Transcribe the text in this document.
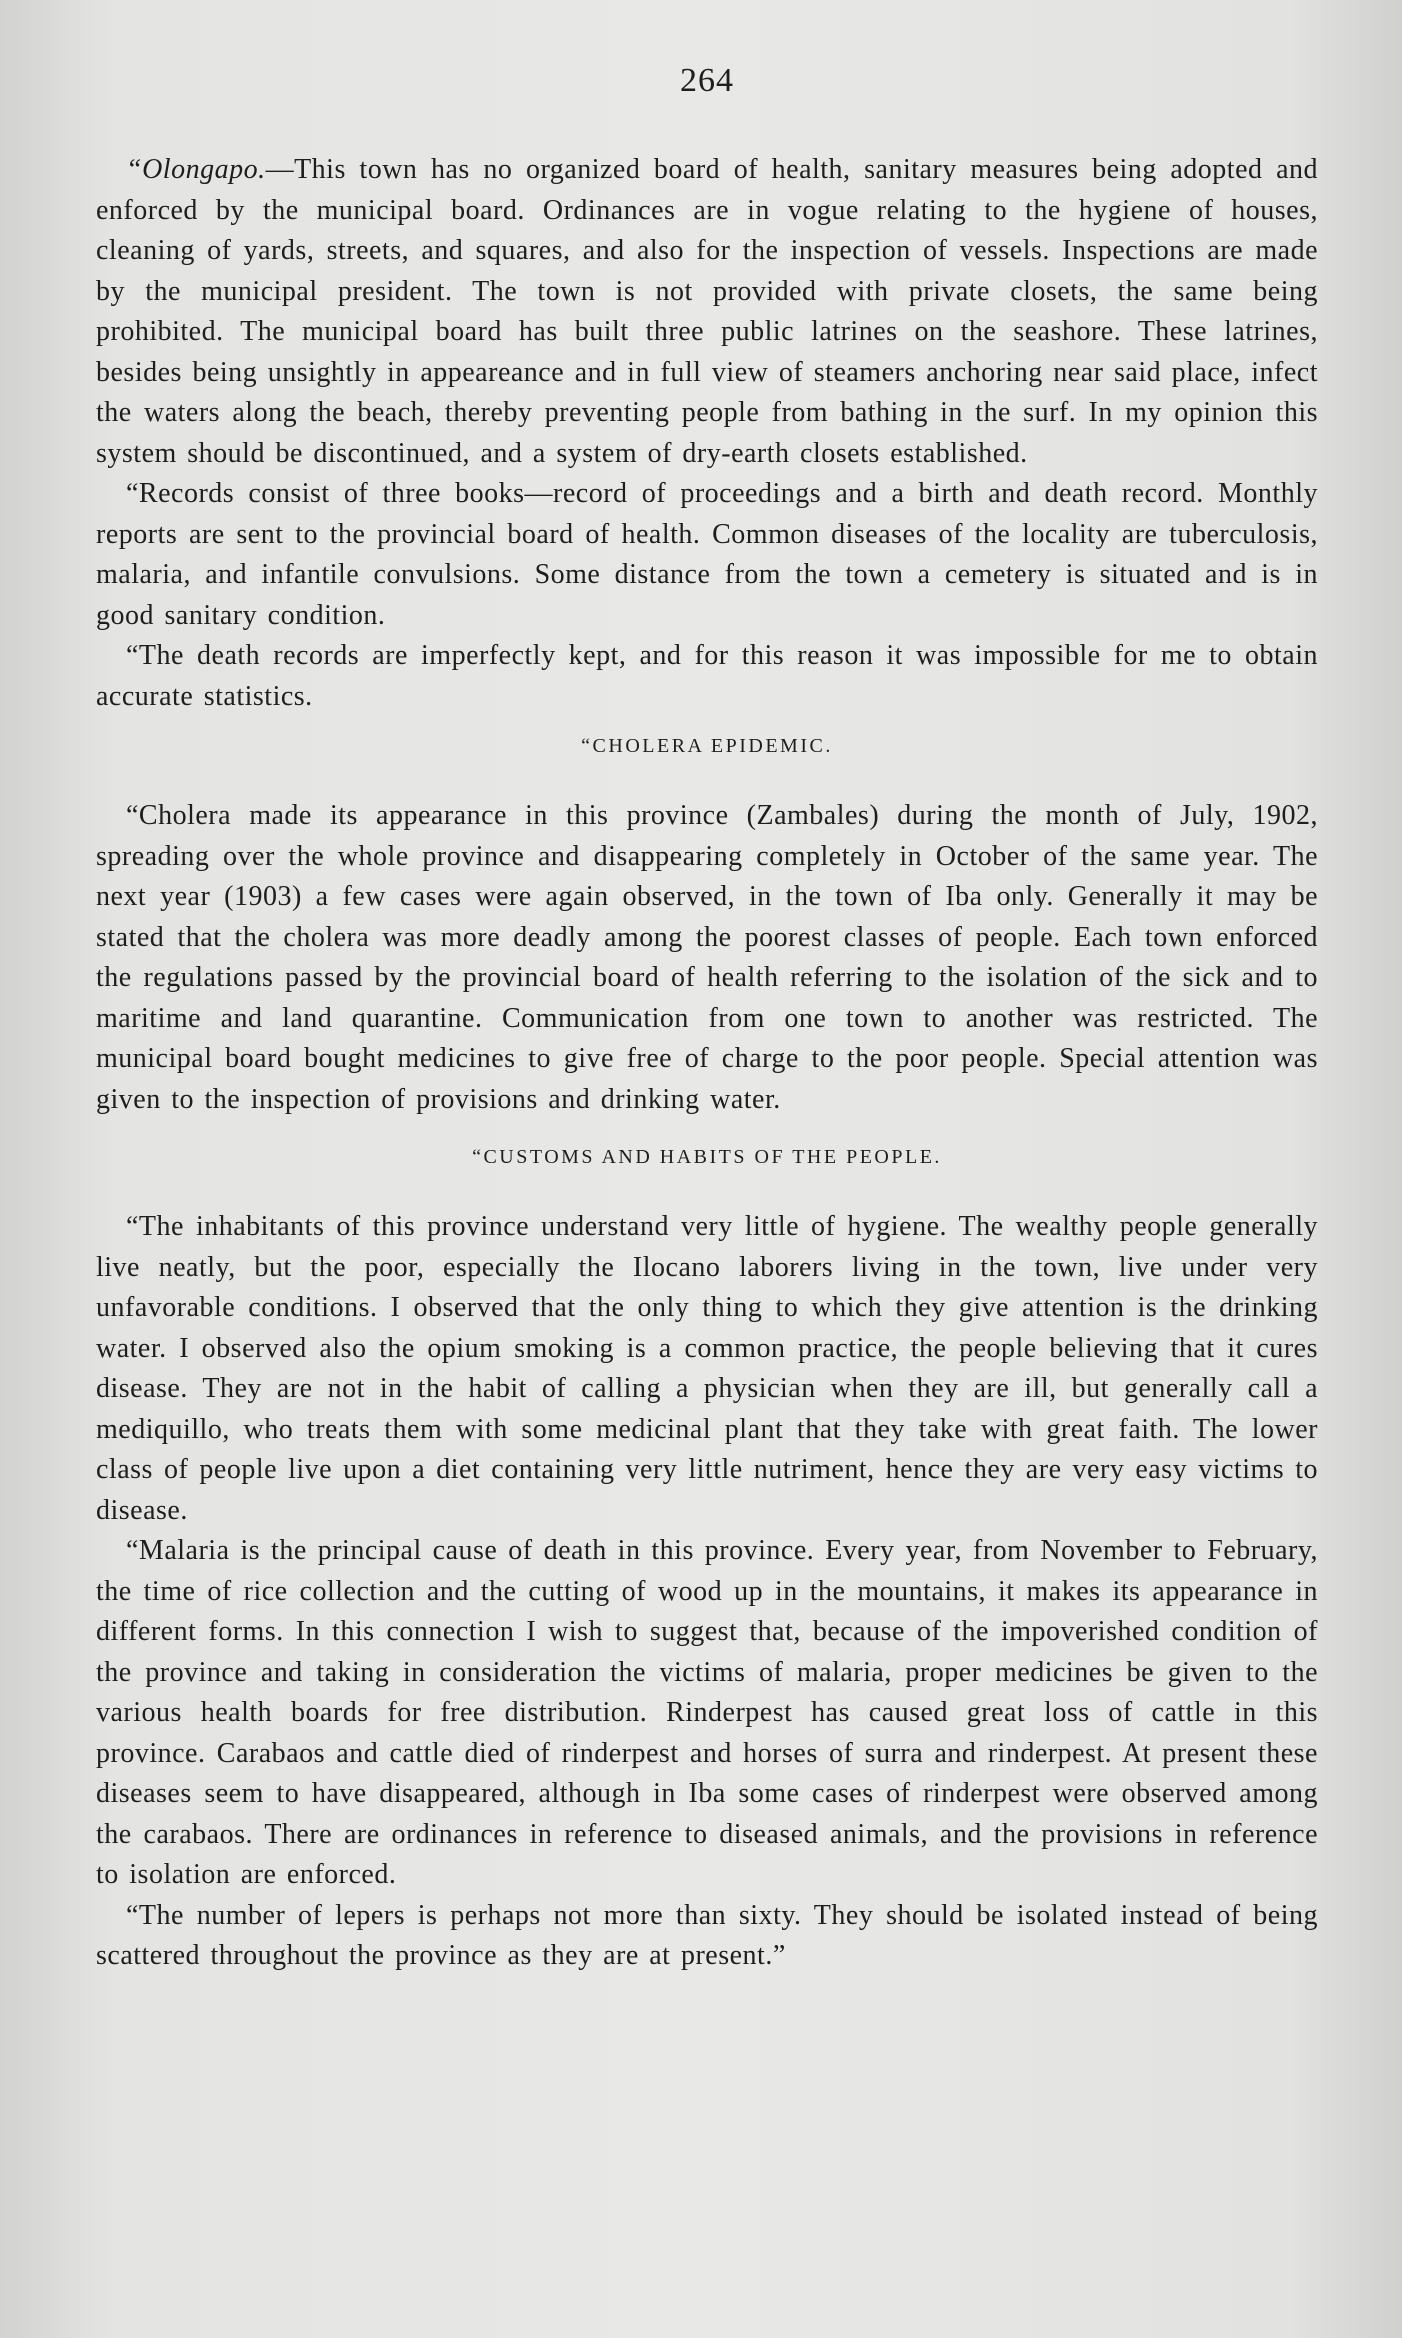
264

“Olongapo.—This town has no organized board of health, sanitary measures being adopted and enforced by the municipal board. Ordinances are in vogue relating to the hygiene of houses, cleaning of yards, streets, and squares, and also for the inspection of vessels. Inspections are made by the municipal president. The town is not provided with private closets, the same being prohibited. The municipal board has built three public latrines on the seashore. These latrines, besides being unsightly in appeareance and in full view of steamers anchoring near said place, infect the waters along the beach, thereby preventing people from bathing in the surf. In my opinion this system should be discontinued, and a system of dry-earth closets established.

“Records consist of three books—record of proceedings and a birth and death record. Monthly reports are sent to the provincial board of health. Common diseases of the locality are tuberculosis, malaria, and infantile convulsions. Some distance from the town a cemetery is situated and is in good sanitary condition.

“The death records are imperfectly kept, and for this reason it was impossible for me to obtain accurate statistics.

“CHOLERA EPIDEMIC.

“Cholera made its appearance in this province (Zambales) during the month of July, 1902, spreading over the whole province and disappearing completely in October of the same year. The next year (1903) a few cases were again observed, in the town of Iba only. Generally it may be stated that the cholera was more deadly among the poorest classes of people. Each town enforced the regulations passed by the provincial board of health referring to the isolation of the sick and to maritime and land quarantine. Communication from one town to another was restricted. The municipal board bought medicines to give free of charge to the poor people. Special attention was given to the inspection of provisions and drinking water.

“CUSTOMS AND HABITS OF THE PEOPLE.

“The inhabitants of this province understand very little of hygiene. The wealthy people generally live neatly, but the poor, especially the Ilocano laborers living in the town, live under very unfavorable conditions. I observed that the only thing to which they give attention is the drinking water. I observed also the opium smoking is a common practice, the people believing that it cures disease. They are not in the habit of calling a physician when they are ill, but generally call a mediquillo, who treats them with some medicinal plant that they take with great faith. The lower class of people live upon a diet containing very little nutriment, hence they are very easy victims to disease.

“Malaria is the principal cause of death in this province. Every year, from November to February, the time of rice collection and the cutting of wood up in the mountains, it makes its appearance in different forms. In this connection I wish to suggest that, because of the impoverished condition of the province and taking in consideration the victims of malaria, proper medicines be given to the various health boards for free distribution. Rinderpest has caused great loss of cattle in this province. Carabaos and cattle died of rinderpest and horses of surra and rinderpest. At present these diseases seem to have disappeared, although in Iba some cases of rinderpest were observed among the carabaos. There are ordinances in reference to diseased animals, and the provisions in reference to isolation are enforced.

“The number of lepers is perhaps not more than sixty. They should be isolated instead of being scattered throughout the province as they are at present.”
